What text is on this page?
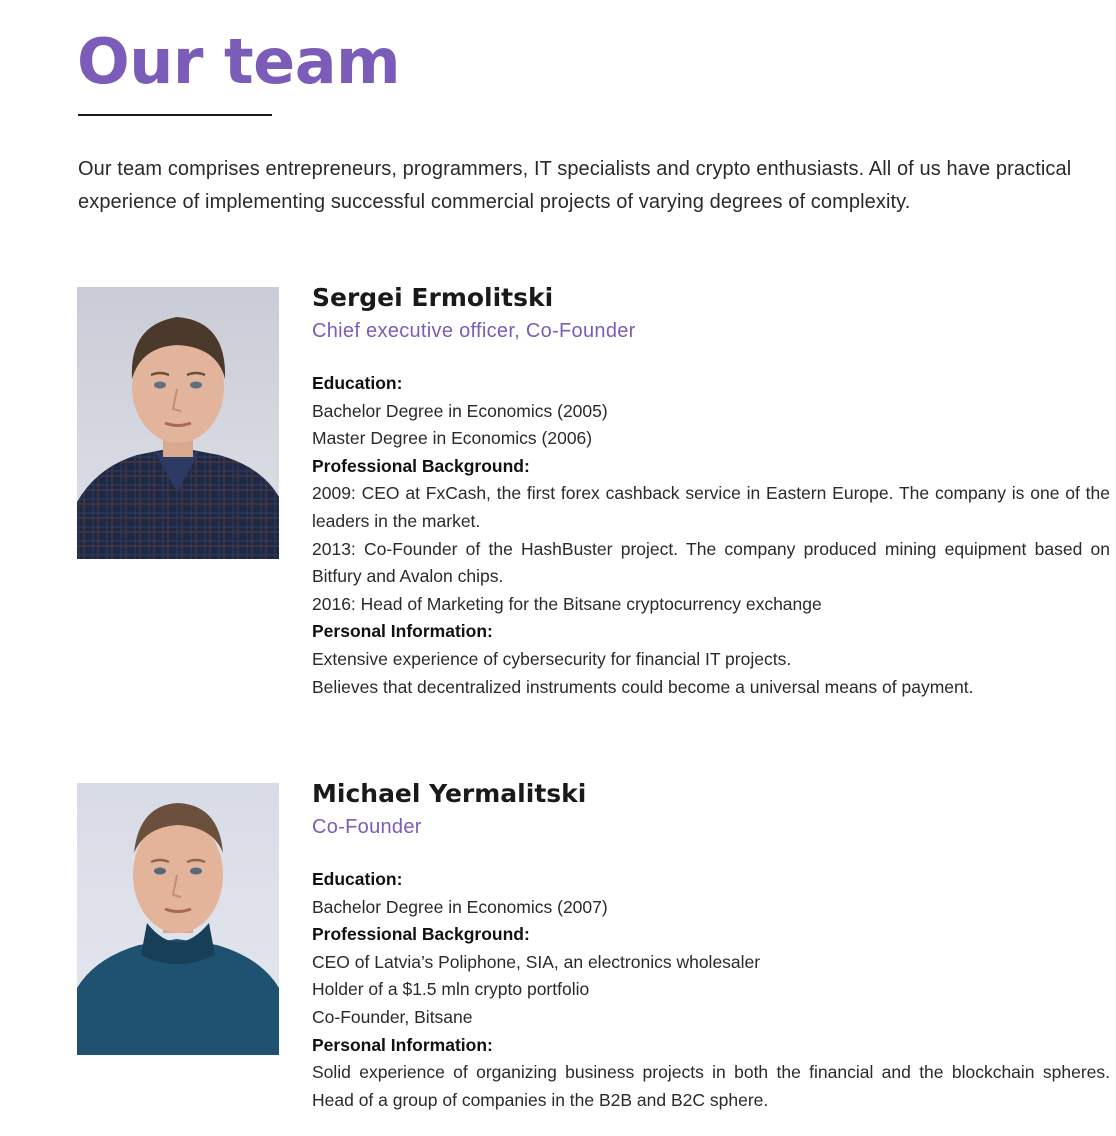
Our team

Our team comprises entrepreneurs, programmers, IT specialists and crypto enthusiasts. All of us have practical experience of implementing successful commercial projects of varying degrees of complexity.

Sergei Ermolitski

Chief executive officer, Co-Founder

Education:
Bachelor Degree in Economics (2005)
Master Degree in Economics (2006)
Professional Background:
2009: CEO at FxCash, the first forex cashback service in Eastern Europe. The company is one of the leaders in the market.
2013: Co-Founder of the HashBuster project. The company produced mining equipment based on Bitfury and Avalon chips.
2016: Head of Marketing for the Bitsane cryptocurrency exchange
Personal Information:
Extensive experience of cybersecurity for financial IT projects.
Believes that decentralized instruments could become a universal means of payment.
Michael Yermalitski

Co-Founder

Education:
Bachelor Degree in Economics (2007)
Professional Background:
CEO of Latvia’s Poliphone, SIA, an electronics wholesaler
Holder of a $1.5 mln crypto portfolio
Co-Founder, Bitsane
Personal Information:
Solid experience of organizing business projects in both the financial and the blockchain spheres. Head of a group of companies in the B2B and B2C sphere.
